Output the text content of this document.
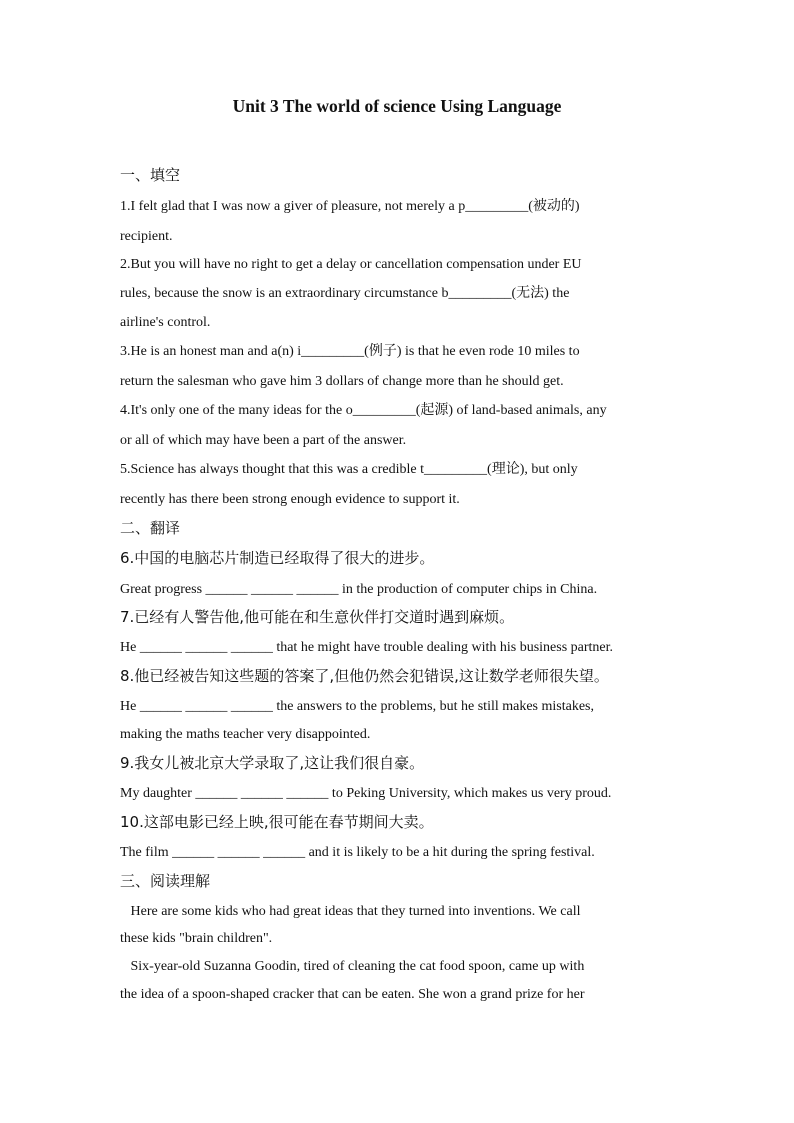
Unit 3 The world of science Using Language
一、填空
1.I felt glad that I was now a giver of pleasure, not merely a p_________(被动的)
recipient.
2.But you will have no right to get a delay or cancellation compensation under EU
rules, because the snow is an extraordinary circumstance b_________(无法) the
airline's control.
3.He is an honest man and a(n) i_________(例子) is that he even rode 10 miles to
return the salesman who gave him 3 dollars of change more than he should get.
4.It's only one of the many ideas for the o_________(起源) of land-based animals, any
or all of which may have been a part of the answer.
5.Science has always thought that this was a credible t_________(理论), but only
recently has there been strong enough evidence to support it.
二、翻译
6.中国的电脑芯片制造已经取得了很大的进步。
Great progress ______ ______ ______ in the production of computer chips in China.
7.已经有人警告他,他可能在和生意伙伴打交道时遇到麻烦。
He ______ ______ ______ that he might have trouble dealing with his business partner.
8.他已经被告知这些题的答案了,但他仍然会犯错误,这让数学老师很失望。
He ______ ______ ______ the answers to the problems, but he still makes mistakes,
making the maths teacher very disappointed.
9.我女儿被北京大学录取了,这让我们很自豪。
My daughter ______ ______ ______ to Peking University, which makes us very proud.
10.这部电影已经上映,很可能在春节期间大卖。
The film ______ ______ ______ and it is likely to be a hit during the spring festival.
三、阅读理解
Here are some kids who had great ideas that they turned into inventions. We call
these kids "brain children".
Six-year-old Suzanna Goodin, tired of cleaning the cat food spoon, came up with
the idea of a spoon-shaped cracker that can be eaten. She won a grand prize for her
